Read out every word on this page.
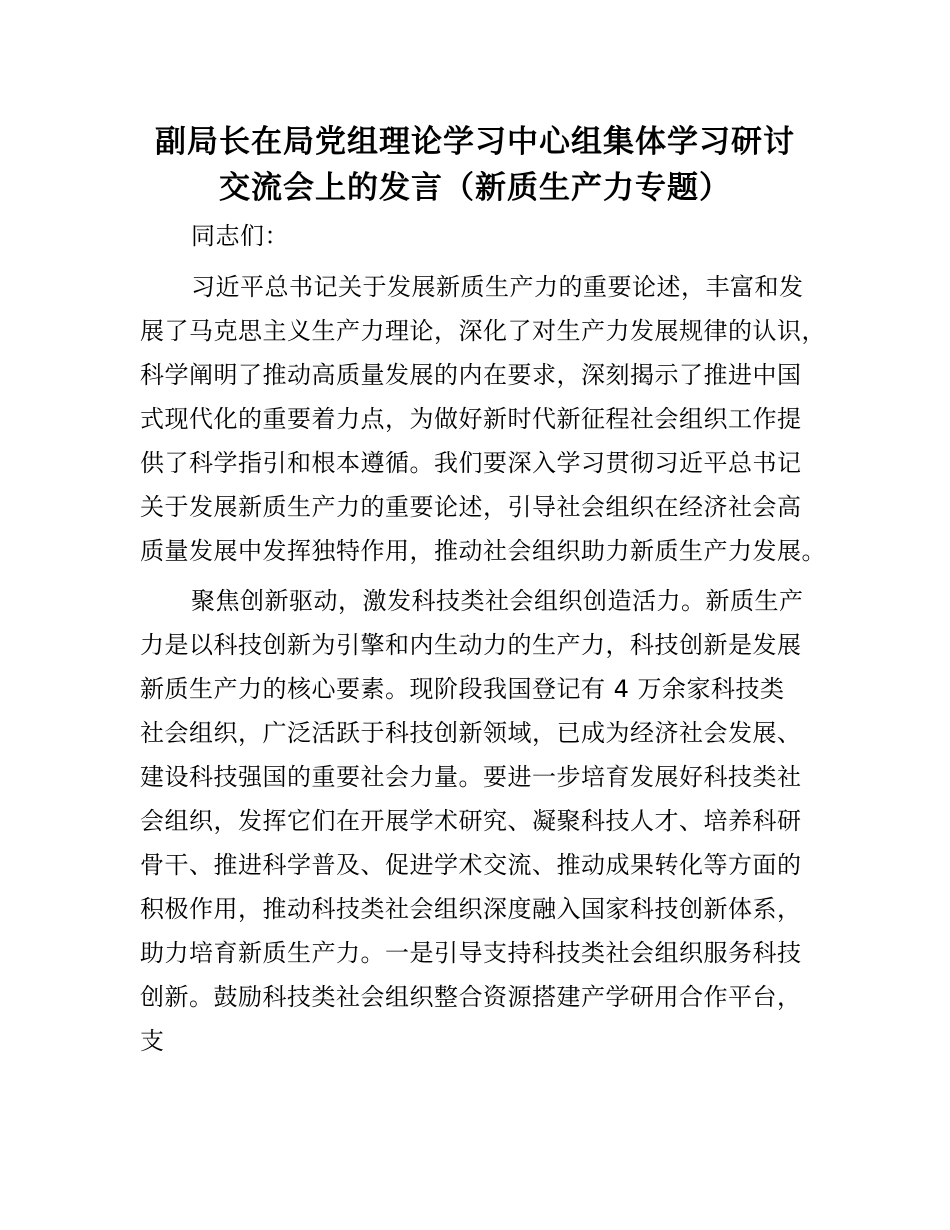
副局长在局党组理论学习中心组集体学习研讨
交流会上的发言（新质生产力专题）
同志们：
习近平总书记关于发展新质生产力的重要论述，丰富和发
展了马克思主义生产力理论，深化了对生产力发展规律的认识，
科学阐明了推动高质量发展的内在要求，深刻揭示了推进中国
式现代化的重要着力点，为做好新时代新征程社会组织工作提
供了科学指引和根本遵循。我们要深入学习贯彻习近平总书记
关于发展新质生产力的重要论述，引导社会组织在经济社会高
质量发展中发挥独特作用，推动社会组织助力新质生产力发展。
聚焦创新驱动，激发科技类社会组织创造活力。新质生产
力是以科技创新为引擎和内生动力的生产力，科技创新是发展
新质生产力的核心要素。现阶段我国登记有 4 万余家科技类
社会组织，广泛活跃于科技创新领域，已成为经济社会发展、
建设科技强国的重要社会力量。要进一步培育发展好科技类社
会组织，发挥它们在开展学术研究、凝聚科技人才、培养科研
骨干、推进科学普及、促进学术交流、推动成果转化等方面的
积极作用，推动科技类社会组织深度融入国家科技创新体系，
助力培育新质生产力。一是引导支持科技类社会组织服务科技
创新。鼓励科技类社会组织整合资源搭建产学研用合作平台，
支
